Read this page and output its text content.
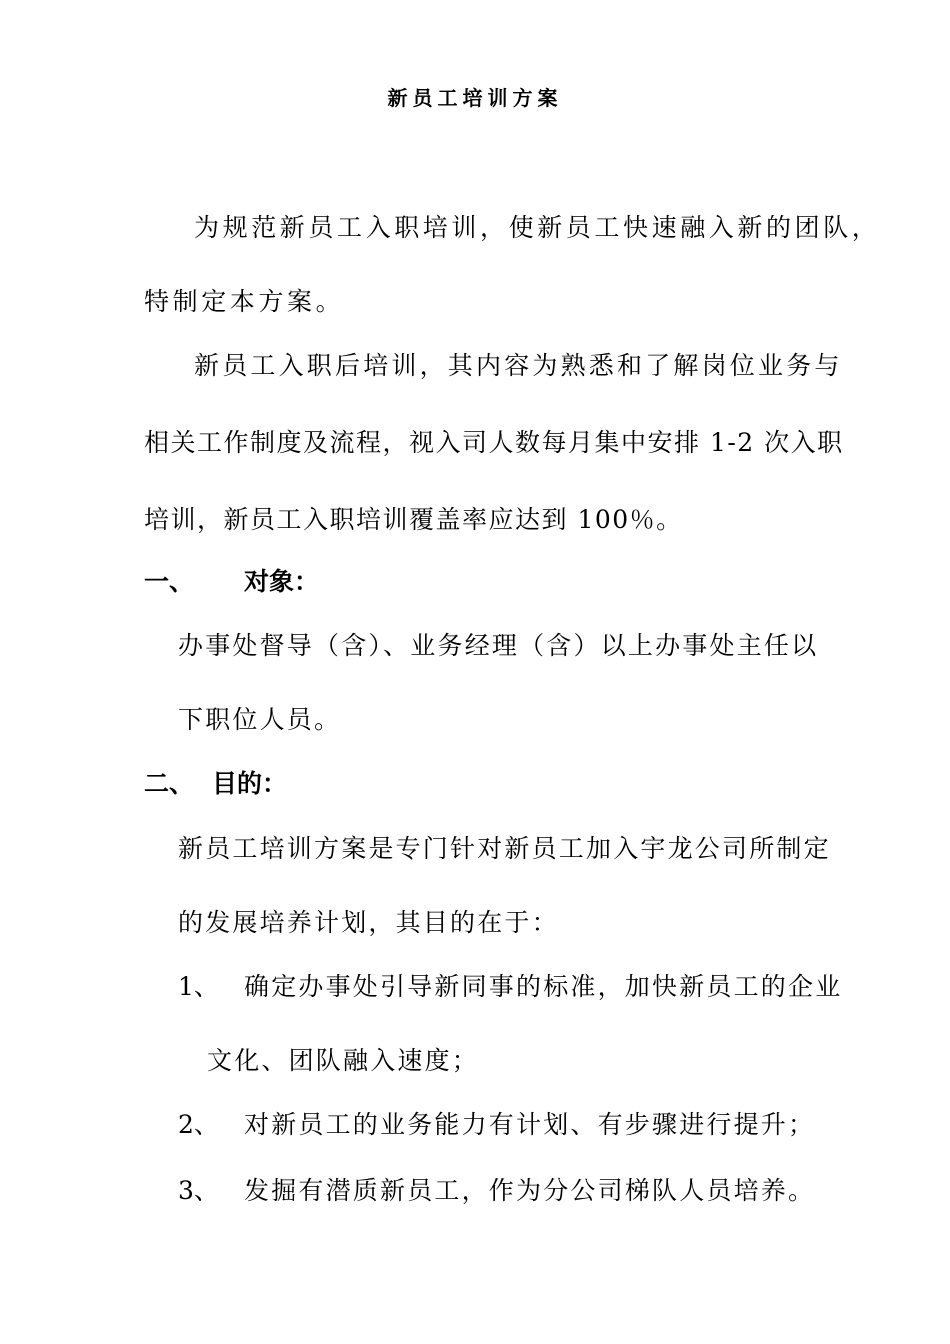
新员工培训方案
为规范新员工入职培训，使新员工快速融入新的团队，
特制定本方案。
新员工入职后培训，其内容为熟悉和了解岗位业务与
相关工作制度及流程，视入司人数每月集中安排 1-2 次入职
培训，新员工入职培训覆盖率应达到 100％。
一、 对象：
办事处督导（含）、业务经理（含）以上办事处主任以
下职位人员。
二、 目的：
新员工培训方案是专门针对新员工加入宇龙公司所制定
的发展培养计划，其目的在于：
1、 确定办事处引导新同事的标准，加快新员工的企业
文化、团队融入速度；
2、 对新员工的业务能力有计划、有步骤进行提升；
3、 发掘有潜质新员工，作为分公司梯队人员培养。
